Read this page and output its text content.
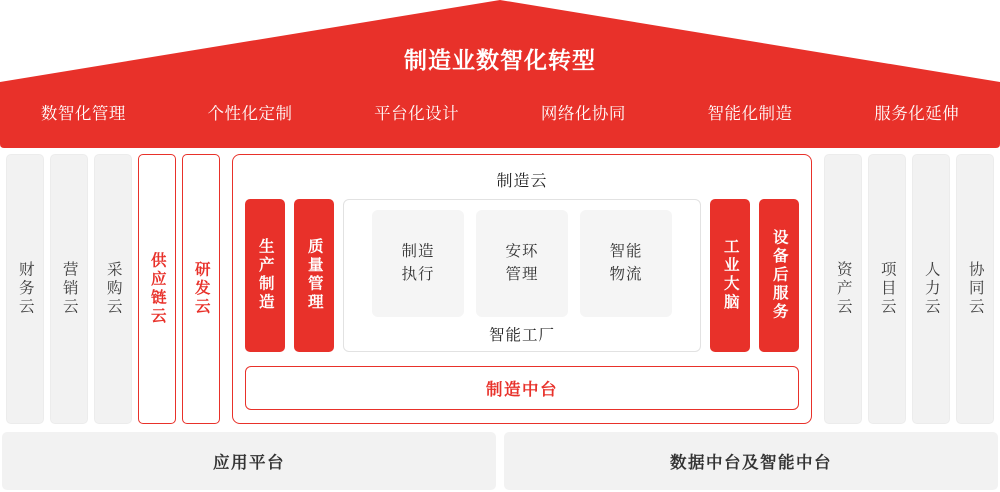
制造业数智化转型
数智化管理	个性化定制	平台化设计	网络化协同	智能化制造	服务化延伸
财务云 营销云 采购云 供应链云 研发云
制造云
生产制造 质量管理	制造
执行
安环
管理
智能
物流
智能工厂
工业大脑 设备后服务
制造中台
资产云 项目云 人力云 协同云
应用平台	数据中台及智能中台
